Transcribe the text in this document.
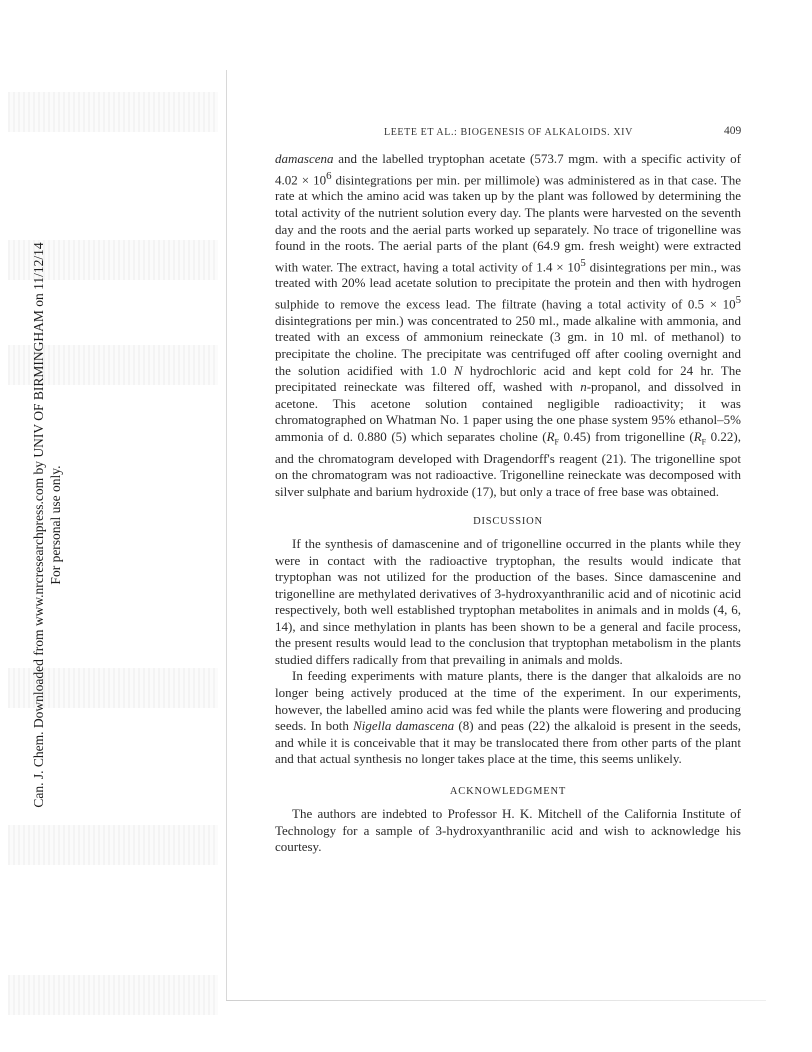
Can. J. Chem. Downloaded from www.nrcresearchpress.com by UNIV OF BIRMINGHAM on 11/12/14 For personal use only.
LEETE ET AL.: BIOGENESIS OF ALKALOIDS. XIV	409

damascena and the labelled tryptophan acetate (573.7 mgm. with a specific activity of $4.02 \times 10^6$ disintegrations per min. per millimole) was administered as in that case. The rate at which the amino acid was taken up by the plant was followed by determining the total activity of the nutrient solution every day. The plants were harvested on the seventh day and the roots and the aerial parts worked up separately. No trace of trigonelline was found in the roots. The aerial parts of the plant (64.9 gm. fresh weight) were extracted with water. The extract, having a total activity of $1.4 \times 10^5$ disintegrations per min., was treated with 20% lead acetate solution to precipitate the protein and then with hydrogen sulphide to remove the excess lead. The filtrate (having a total activity of $0.5 \times 10^5$ disintegrations per min.) was concentrated to 250 ml., made alkaline with ammonia, and treated with an excess of ammonium reineckate (3 gm. in 10 ml. of methanol) to precipitate the choline. The precipitate was centrifuged off after cooling overnight and the solution acidified with 1.0 N hydrochloric acid and kept cold for 24 hr. The precipitated reineckate was filtered off, washed with n-propanol, and dissolved in acetone. This acetone solution contained negligible radioactivity; it was chromatographed on Whatman No. 1 paper using the one phase system 95% ethanol–5% ammonia of d. 0.880 (5) which separates choline ($R_F$ 0.45) from trigonelline ($R_F$ 0.22), and the chromatogram developed with Dragendorff's reagent (21). The trigonelline spot on the chromatogram was not radioactive. Trigonelline reineckate was decomposed with silver sulphate and barium hydroxide (17), but only a trace of free base was obtained.

DISCUSSION

If the synthesis of damascenine and of trigonelline occurred in the plants while they were in contact with the radioactive tryptophan, the results would indicate that tryptophan was not utilized for the production of the bases. Since damascenine and trigonelline are methylated derivatives of 3-hydroxyanthranilic acid and of nicotinic acid respectively, both well established tryptophan metabolites in animals and in molds (4, 6, 14), and since methylation in plants has been shown to be a general and facile process, the present results would lead to the conclusion that tryptophan metabolism in the plants studied differs radically from that prevailing in animals and molds.

In feeding experiments with mature plants, there is the danger that alkaloids are no longer being actively produced at the time of the experiment. In our experiments, however, the labelled amino acid was fed while the plants were flowering and producing seeds. In both Nigella damascena (8) and peas (22) the alkaloid is present in the seeds, and while it is conceivable that it may be translocated there from other parts of the plant and that actual synthesis no longer takes place at the time, this seems unlikely.

ACKNOWLEDGMENT

The authors are indebted to Professor H. K. Mitchell of the California Institute of Technology for a sample of 3-hydroxyanthranilic acid and wish to acknowledge his courtesy.
